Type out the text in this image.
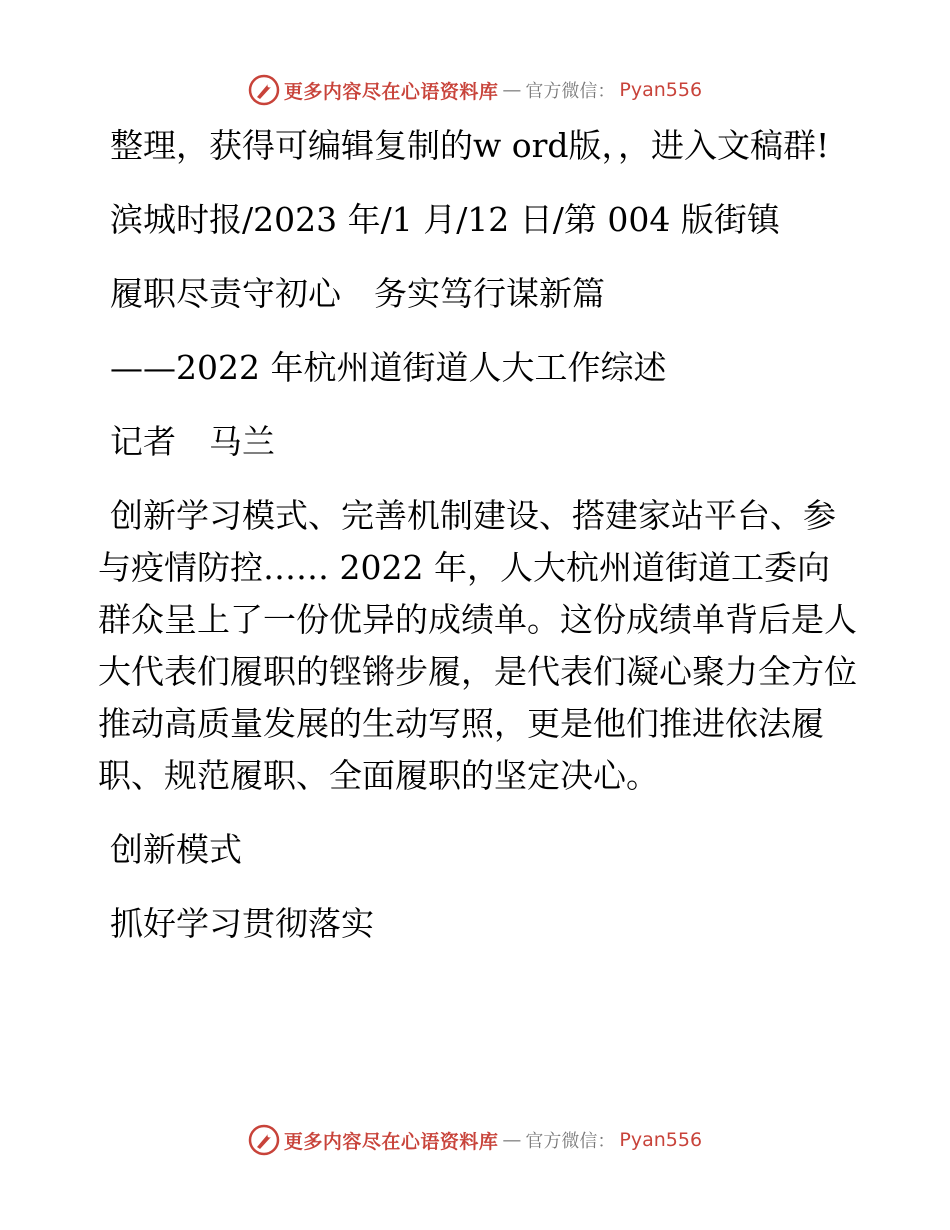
更多内容尽在心语资料库 — 官方微信： Pyan556

整理，获得可编辑复制的w ord版，，进入文稿群!

滨城时报/2023 年/1 月/12 日/第 004 版街镇

履职尽责守初心　务实笃行谋新篇

——2022 年杭州道街道人大工作综述

记者　马兰

创新学习模式、完善机制建设、搭建家站平台、参与疫情防控…… 2022 年，人大杭州道街道工委向群众呈上了一份优异的成绩单。这份成绩单背后是人大代表们履职的铿锵步履，是代表们凝心聚力全方位推动高质量发展的生动写照，更是他们推进依法履职、规范履职、全面履职的坚定决心。

创新模式

抓好学习贯彻落实

更多内容尽在心语资料库 — 官方微信： Pyan556
